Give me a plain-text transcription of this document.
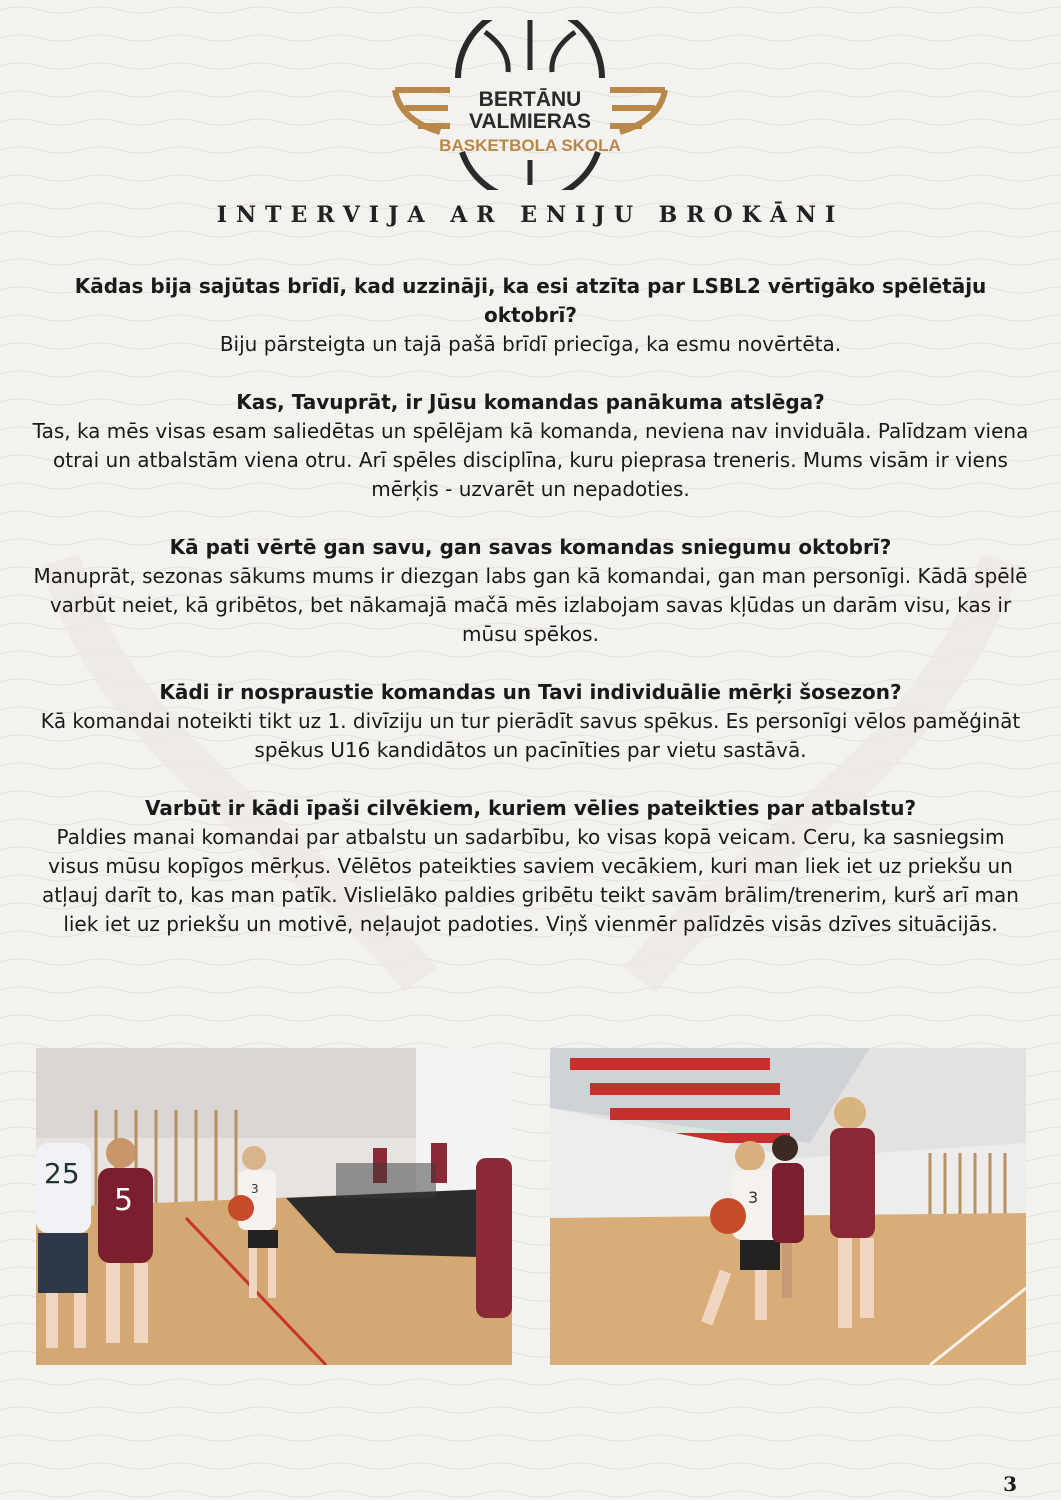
BERTĀNU
VALMIERAS
BASKETBOLA SKOLA
INTERVIJA AR ENIJU BROKĀNI
Kādas bija sajūtas brīdī, kad uzzināji, ka esi atzīta par LSBL2 vērtīgāko spēlētāju oktobrī?
Biju pārsteigta un tajā pašā brīdī priecīga, ka esmu novērtēta.
Kas, Tavuprāt, ir Jūsu komandas panākuma atslēga?
Tas, ka mēs visas esam saliedētas un spēlējam kā komanda, neviena nav inviduāla. Palīdzam viena otrai un atbalstām viena otru. Arī spēles disciplīna, kuru pieprasa treneris. Mums visām ir viens mērķis - uzvarēt un nepadoties.
Kā pati vērtē gan savu, gan savas komandas sniegumu oktobrī?
Manuprāt, sezonas sākums mums ir diezgan labs gan kā komandai, gan man personīgi. Kādā spēlē varbūt neiet, kā gribētos, bet nākamajā mačā mēs izlabojam savas kļūdas un darām visu, kas ir mūsu spēkos.
Kādi ir nospraustie komandas un Tavi individuālie mērķi šosezon?
Kā komandai noteikti tikt uz 1. divīziju un tur pierādīt savus spēkus. Es personīgi vēlos paměģināt spēkus U16 kandidātos un pacīnīties par vietu sastāvā.
Varbūt ir kādi īpaši cilvēkiem, kuriem vēlies pateikties par atbalstu?
Paldies manai komandai par atbalstu un sadarbību, ko visas kopā veicam. Ceru, ka sasniegsim visus mūsu kopīgos mērķus. Vēlētos pateikties saviem vecākiem, kuri man liek iet uz priekšu un atļauj darīt to, kas man patīk. Vislielāko paldies gribētu teikt savām brālim/trenerim, kurš arī man liek iet uz priekšu un motivē, neļaujot padoties. Viņš vienmēr palīdzēs visās dzīves situācijās.
25
5	3	3
3
